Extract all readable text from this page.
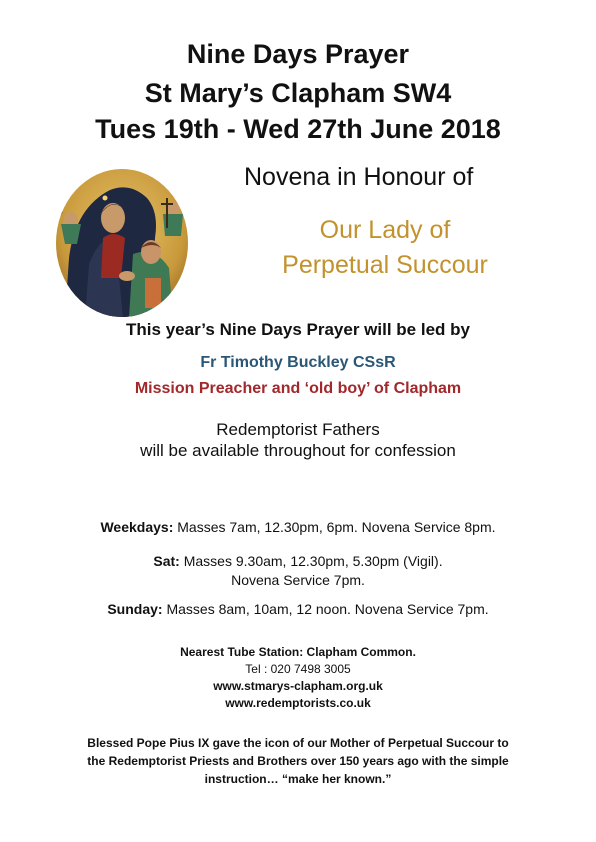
Nine Days Prayer
St Mary’s Clapham SW4
Tues 19th - Wed 27th June 2018
Novena in Honour of
Our Lady of
Perpetual Succour
This year’s Nine Days Prayer will be led by
Fr Timothy Buckley CSsR
Mission Preacher and ‘old boy’ of Clapham
Redemptorist Fathers
will be available throughout for confession
Weekdays: Masses 7am, 12.30pm, 6pm. Novena Service 8pm.
Sat: Masses 9.30am, 12.30pm, 5.30pm (Vigil).
Novena Service 7pm.
Sunday: Masses 8am, 10am, 12 noon. Novena Service 7pm.
Nearest Tube Station: Clapham Common.
Tel : 020 7498 3005
www.stmarys-clapham.org.uk
www.redemptorists.co.uk
Blessed Pope Pius IX gave the icon of our Mother of Perpetual Succour to
the Redemptorist Priests and Brothers over 150 years ago with the simple
instruction… “make her known.”
